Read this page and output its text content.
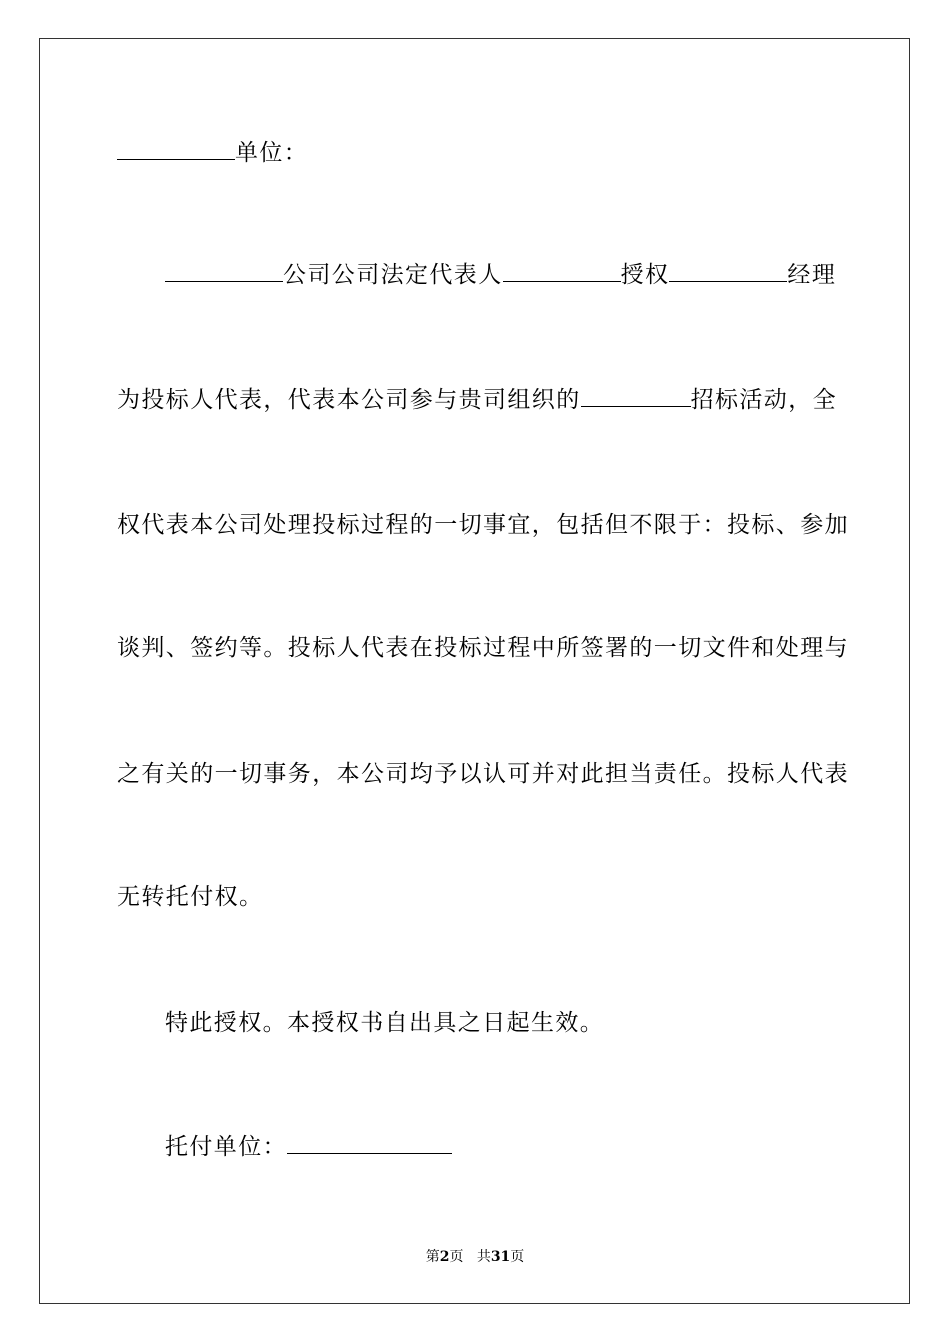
单位：
公司公司法定代表人	授权	经理
为投标人代表，代表本公司参与贵司组织的	招标活动，全
权代表本公司处理投标过程的一切事宜，包括但不限于：投标、参加
谈判、签约等。投标人代表在投标过程中所签署的一切文件和处理与
之有关的一切事务，本公司均予以认可并对此担当责任。投标人代表
无转托付权。
特此授权。本授权书自出具之日起生效。
托付单位：
第2页 共31页
